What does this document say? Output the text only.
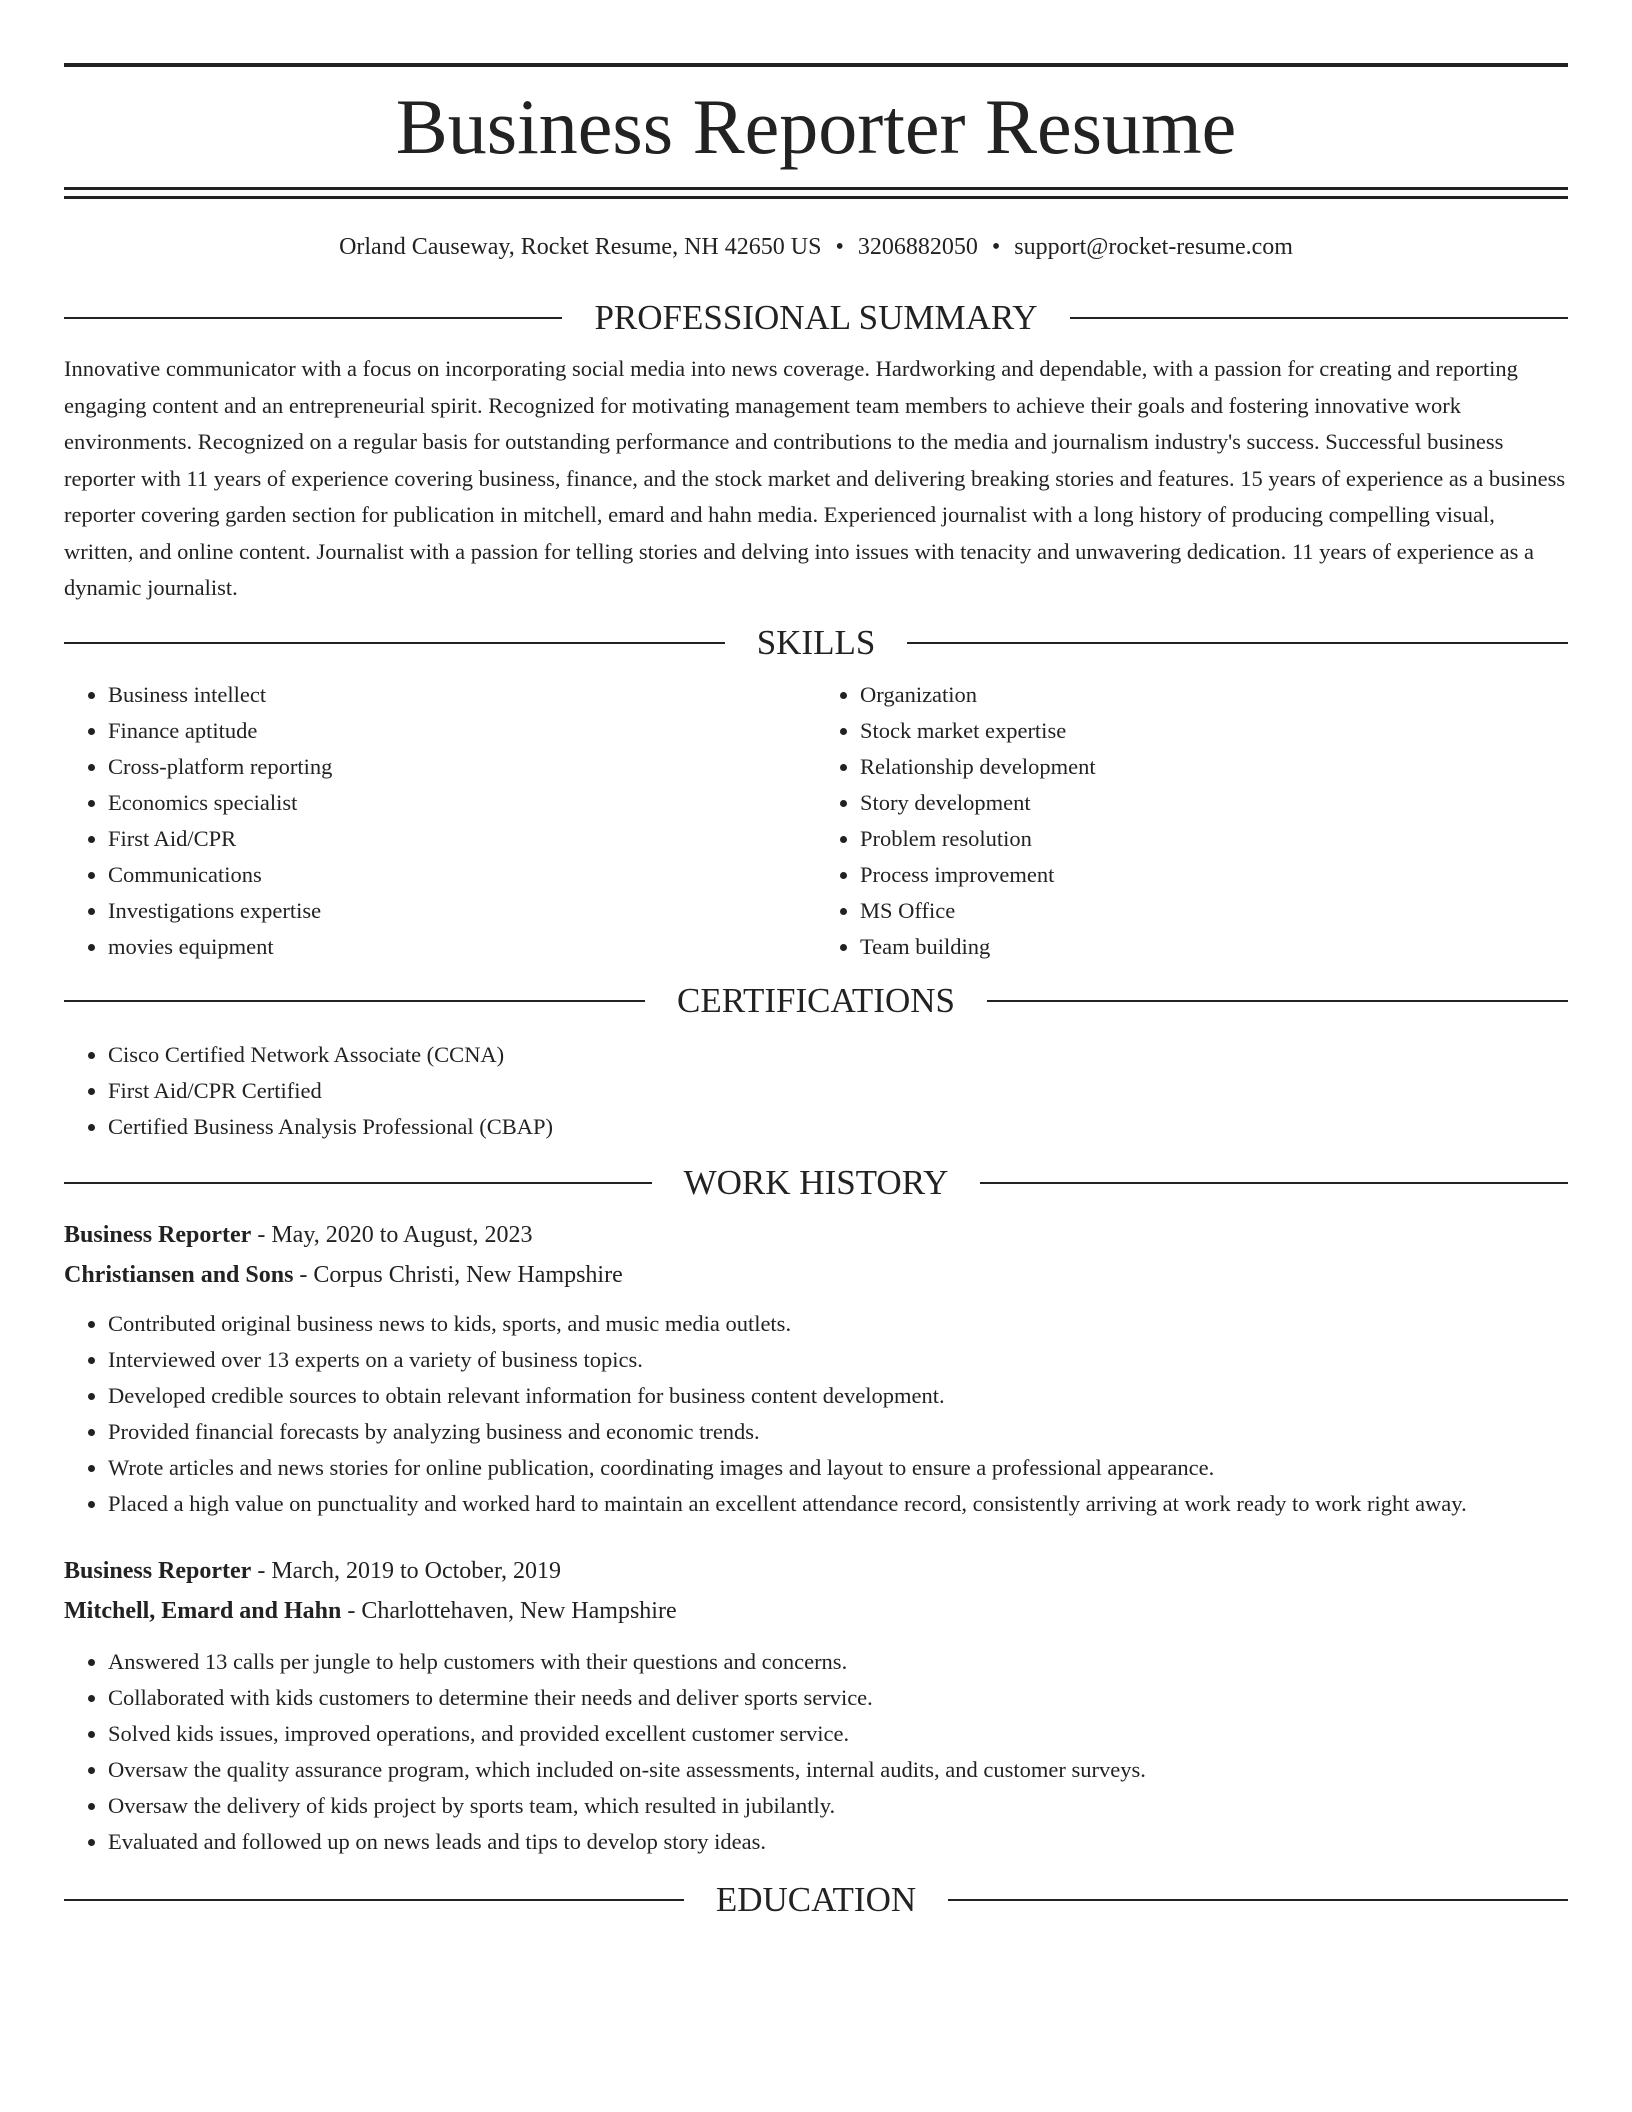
Business Reporter Resume
Orland Causeway, Rocket Resume, NH 42650 US • 3206882050 • support@rocket-resume.com
PROFESSIONAL SUMMARY

Innovative communicator with a focus on incorporating social media into news coverage. Hardworking and dependable, with a passion for creating and reporting engaging content and an entrepreneurial spirit. Recognized for motivating management team members to achieve their goals and fostering innovative work environments. Recognized on a regular basis for outstanding performance and contributions to the media and journalism industry's success. Successful business reporter with 11 years of experience covering business, finance, and the stock market and delivering breaking stories and features. 15 years of experience as a business reporter covering garden section for publication in mitchell, emard and hahn media. Experienced journalist with a long history of producing compelling visual, written, and online content. Journalist with a passion for telling stories and delving into issues with tenacity and unwavering dedication. 11 years of experience as a dynamic journalist.

SKILLS
• Business intellect
• Finance aptitude
• Cross-platform reporting
• Economics specialist
• First Aid/CPR
• Communications
• Investigations expertise
• movies equipment
• Organization
• Stock market expertise
• Relationship development
• Story development
• Problem resolution
• Process improvement
• MS Office
• Team building
CERTIFICATIONS
• Cisco Certified Network Associate (CCNA)
• First Aid/CPR Certified
• Certified Business Analysis Professional (CBAP)
WORK HISTORY
Business Reporter - May, 2020 to August, 2023
Christiansen and Sons - Corpus Christi, New Hampshire
• Contributed original business news to kids, sports, and music media outlets.
• Interviewed over 13 experts on a variety of business topics.
• Developed credible sources to obtain relevant information for business content development.
• Provided financial forecasts by analyzing business and economic trends.
• Wrote articles and news stories for online publication, coordinating images and layout to ensure a professional appearance.
• Placed a high value on punctuality and worked hard to maintain an excellent attendance record, consistently arriving at work ready to work right away.
Business Reporter - March, 2019 to October, 2019
Mitchell, Emard and Hahn - Charlottehaven, New Hampshire
• Answered 13 calls per jungle to help customers with their questions and concerns.
• Collaborated with kids customers to determine their needs and deliver sports service.
• Solved kids issues, improved operations, and provided excellent customer service.
• Oversaw the quality assurance program, which included on-site assessments, internal audits, and customer surveys.
• Oversaw the delivery of kids project by sports team, which resulted in jubilantly.
• Evaluated and followed up on news leads and tips to develop story ideas.
EDUCATION
